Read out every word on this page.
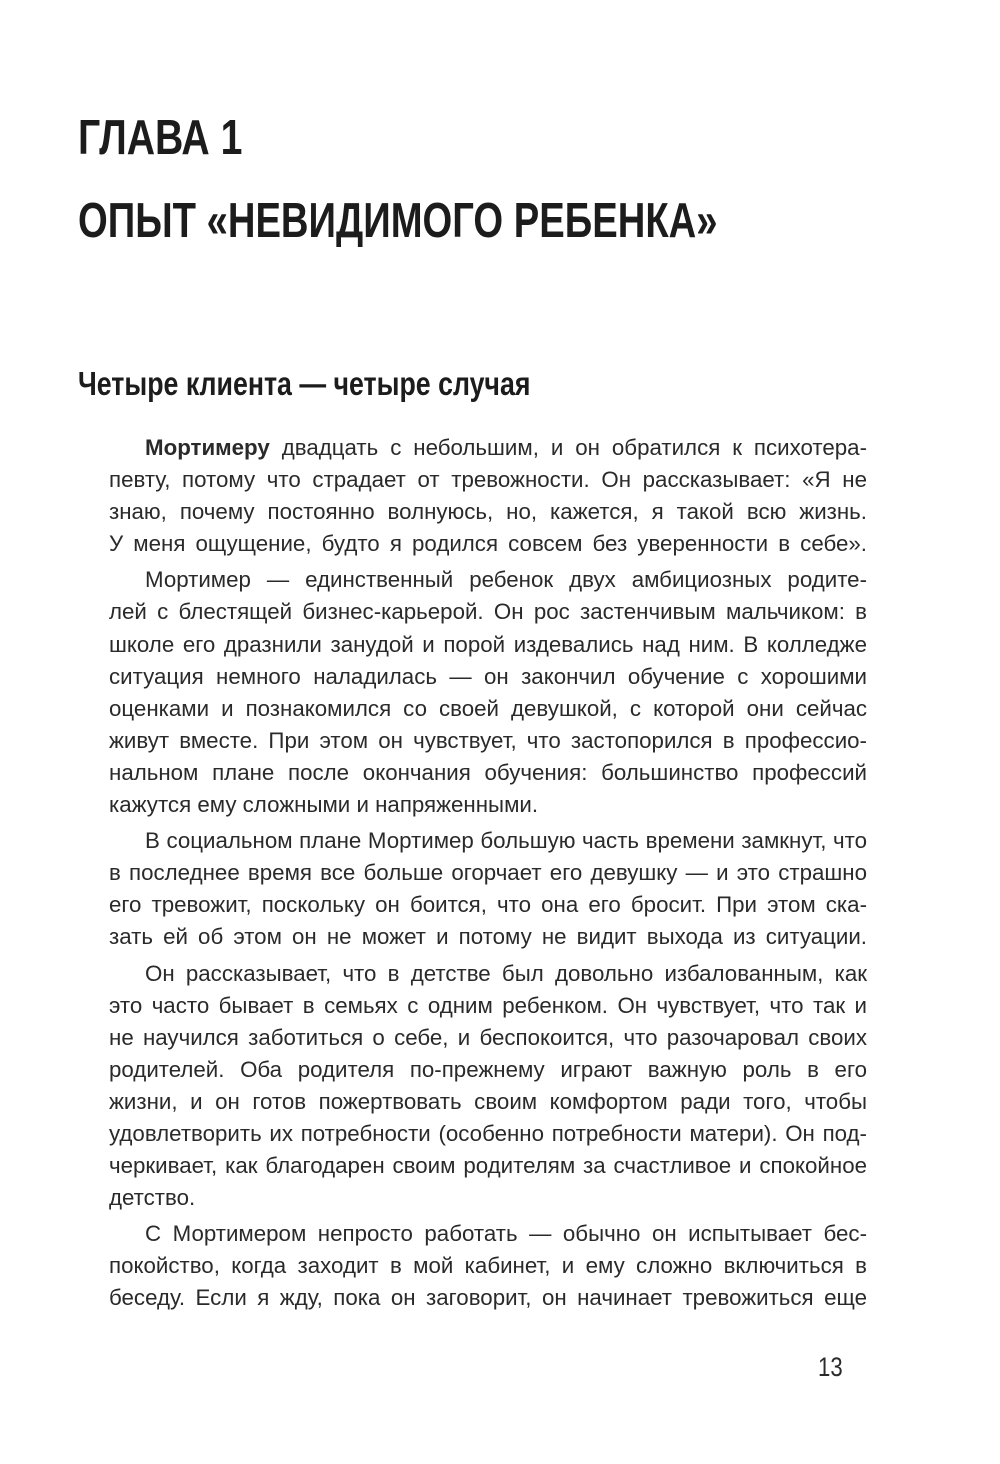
ГЛАВА 1
ОПЫТ «НЕВИДИМОГО РЕБЕНКА»
Четыре клиента — четыре случая
Мортимеру двадцать с небольшим, и он обратился к психотера-
певту, потому что страдает от тревожности. Он рассказывает: «Я не
знаю, почему постоянно волнуюсь, но, кажется, я такой всю жизнь.
У меня ощущение, будто я родился совсем без уверенности в себе».
Мортимер — единственный ребенок двух амбициозных родите-
лей с блестящей бизнес-карьерой. Он рос застенчивым мальчиком: в
школе его дразнили занудой и порой издевались над ним. В колледже
ситуация немного наладилась — он закончил обучение с хорошими
оценками и познакомился со своей девушкой, с которой они сейчас
живут вместе. При этом он чувствует, что застопорился в профессио-
нальном плане после окончания обучения: большинство профессий
кажутся ему сложными и напряженными.
В социальном плане Мортимер большую часть времени замкнут, что
в последнее время все больше огорчает его девушку — и это страшно
его тревожит, поскольку он боится, что она его бросит. При этом ска-
зать ей об этом он не может и потому не видит выхода из ситуации.
Он рассказывает, что в детстве был довольно избалованным, как
это часто бывает в семьях с одним ребенком. Он чувствует, что так и
не научился заботиться о себе, и беспокоится, что разочаровал своих
родителей. Оба родителя по-прежнему играют важную роль в его
жизни, и он готов пожертвовать своим комфортом ради того, чтобы
удовлетворить их потребности (особенно потребности матери). Он под-
черкивает, как благодарен своим родителям за счастливое и спокойное
детство.
С Мортимером непросто работать — обычно он испытывает бес-
покойство, когда заходит в мой кабинет, и ему сложно включиться в
беседу. Если я жду, пока он заговорит, он начинает тревожиться еще
13
